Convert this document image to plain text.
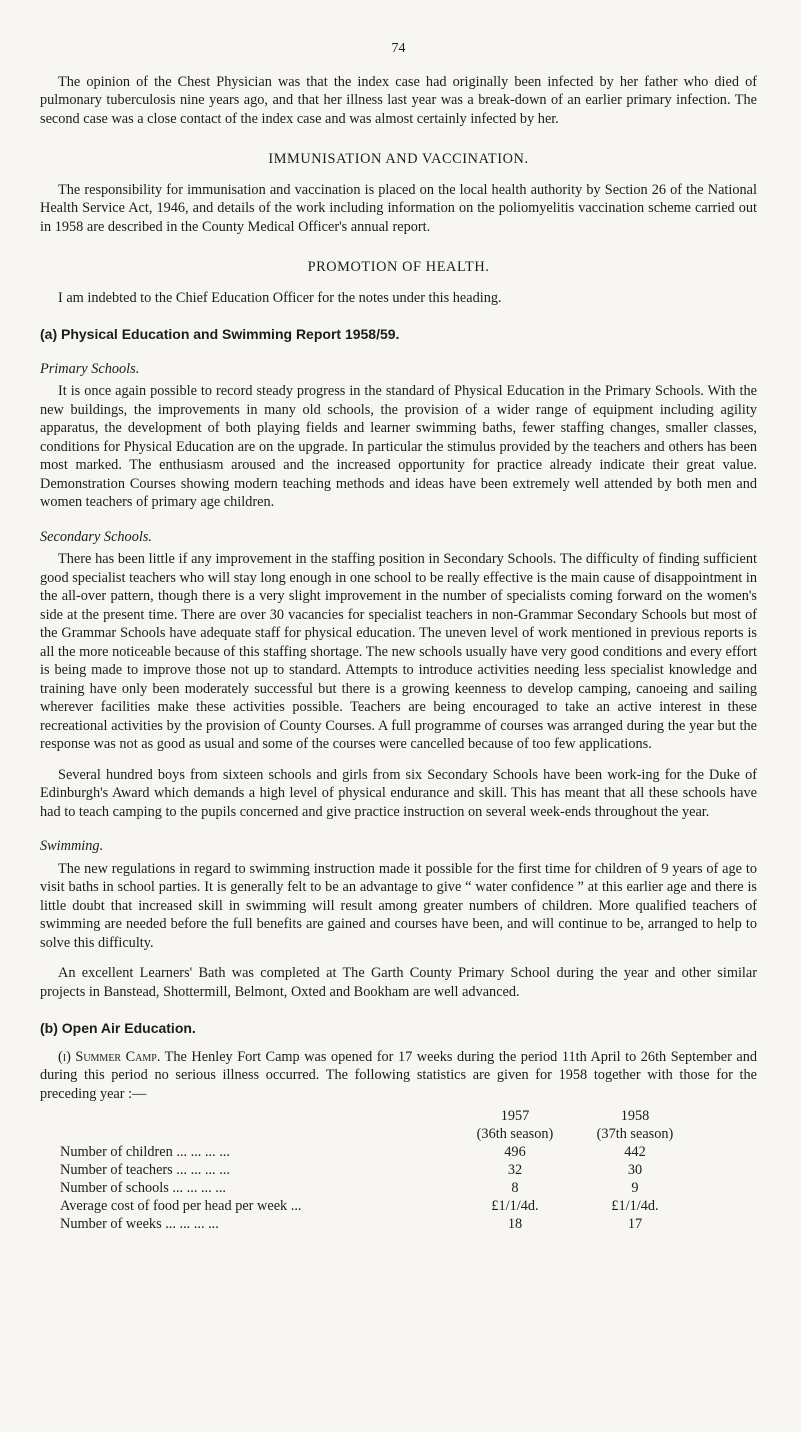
74

The opinion of the Chest Physician was that the index case had originally been infected by her father who died of pulmonary tuberculosis nine years ago, and that her illness last year was a break-down of an earlier primary infection. The second case was a close contact of the index case and was almost certainly infected by her.

IMMUNISATION AND VACCINATION.

The responsibility for immunisation and vaccination is placed on the local health authority by Section 26 of the National Health Service Act, 1946, and details of the work including information on the poliomyelitis vaccination scheme carried out in 1958 are described in the County Medical Officer's annual report.

PROMOTION OF HEALTH.

I am indebted to the Chief Education Officer for the notes under this heading.

(a) Physical Education and Swimming Report 1958/59.
Primary Schools.

It is once again possible to record steady progress in the standard of Physical Education in the Primary Schools. With the new buildings, the improvements in many old schools, the provision of a wider range of equipment including agility apparatus, the development of both playing fields and learner swimming baths, fewer staffing changes, smaller classes, conditions for Physical Education are on the upgrade. In particular the stimulus provided by the teachers and others has been most marked. The enthusiasm aroused and the increased opportunity for practice already indicate their great value. Demonstration Courses showing modern teaching methods and ideas have been extremely well attended by both men and women teachers of primary age children.

Secondary Schools.

There has been little if any improvement in the staffing position in Secondary Schools. The difficulty of finding sufficient good specialist teachers who will stay long enough in one school to be really effective is the main cause of disappointment in the all-over pattern, though there is a very slight improvement in the number of specialists coming forward on the women's side at the present time. There are over 30 vacancies for specialist teachers in non-Grammar Secondary Schools but most of the Grammar Schools have adequate staff for physical education. The uneven level of work mentioned in previous reports is all the more noticeable because of this staffing shortage. The new schools usually have very good conditions and every effort is being made to improve those not up to standard. Attempts to introduce activities needing less specialist knowledge and training have only been moderately successful but there is a growing keenness to develop camping, canoeing and sailing wherever facilities make these activities possible. Teachers are being encouraged to take an active interest in these recreational activities by the provision of County Courses. A full programme of courses was arranged during the year but the response was not as good as usual and some of the courses were cancelled because of too few applications.

Several hundred boys from sixteen schools and girls from six Secondary Schools have been work-ing for the Duke of Edinburgh's Award which demands a high level of physical endurance and skill. This has meant that all these schools have had to teach camping to the pupils concerned and give practice instruction on several week-ends throughout the year.

Swimming.

The new regulations in regard to swimming instruction made it possible for the first time for children of 9 years of age to visit baths in school parties. It is generally felt to be an advantage to give “ water confidence ” at this earlier age and there is little doubt that increased skill in swimming will result among greater numbers of children. More qualified teachers of swimming are needed before the full benefits are gained and courses have been, and will continue to be, arranged to help to solve this difficulty.

An excellent Learners' Bath was completed at The Garth County Primary School during the year and other similar projects in Banstead, Shottermill, Belmont, Oxted and Bookham are well advanced.

(b) Open Air Education.

(i) Summer Camp. The Henley Fort Camp was opened for 17 weeks during the period 11th April to 26th September and during this period no serious illness occurred. The following statistics are given for 1958 together with those for the preceding year :—

	1957	1958
	(36th season)	(37th season)
Number of children ... ... ... ...	496	442
Number of teachers ... ... ... ...	32	30
Number of schools ... ... ... ...	8	9
Average cost of food per head per week ...	£1/1/4d.	£1/1/4d.
Number of weeks ... ... ... ...	18	17
